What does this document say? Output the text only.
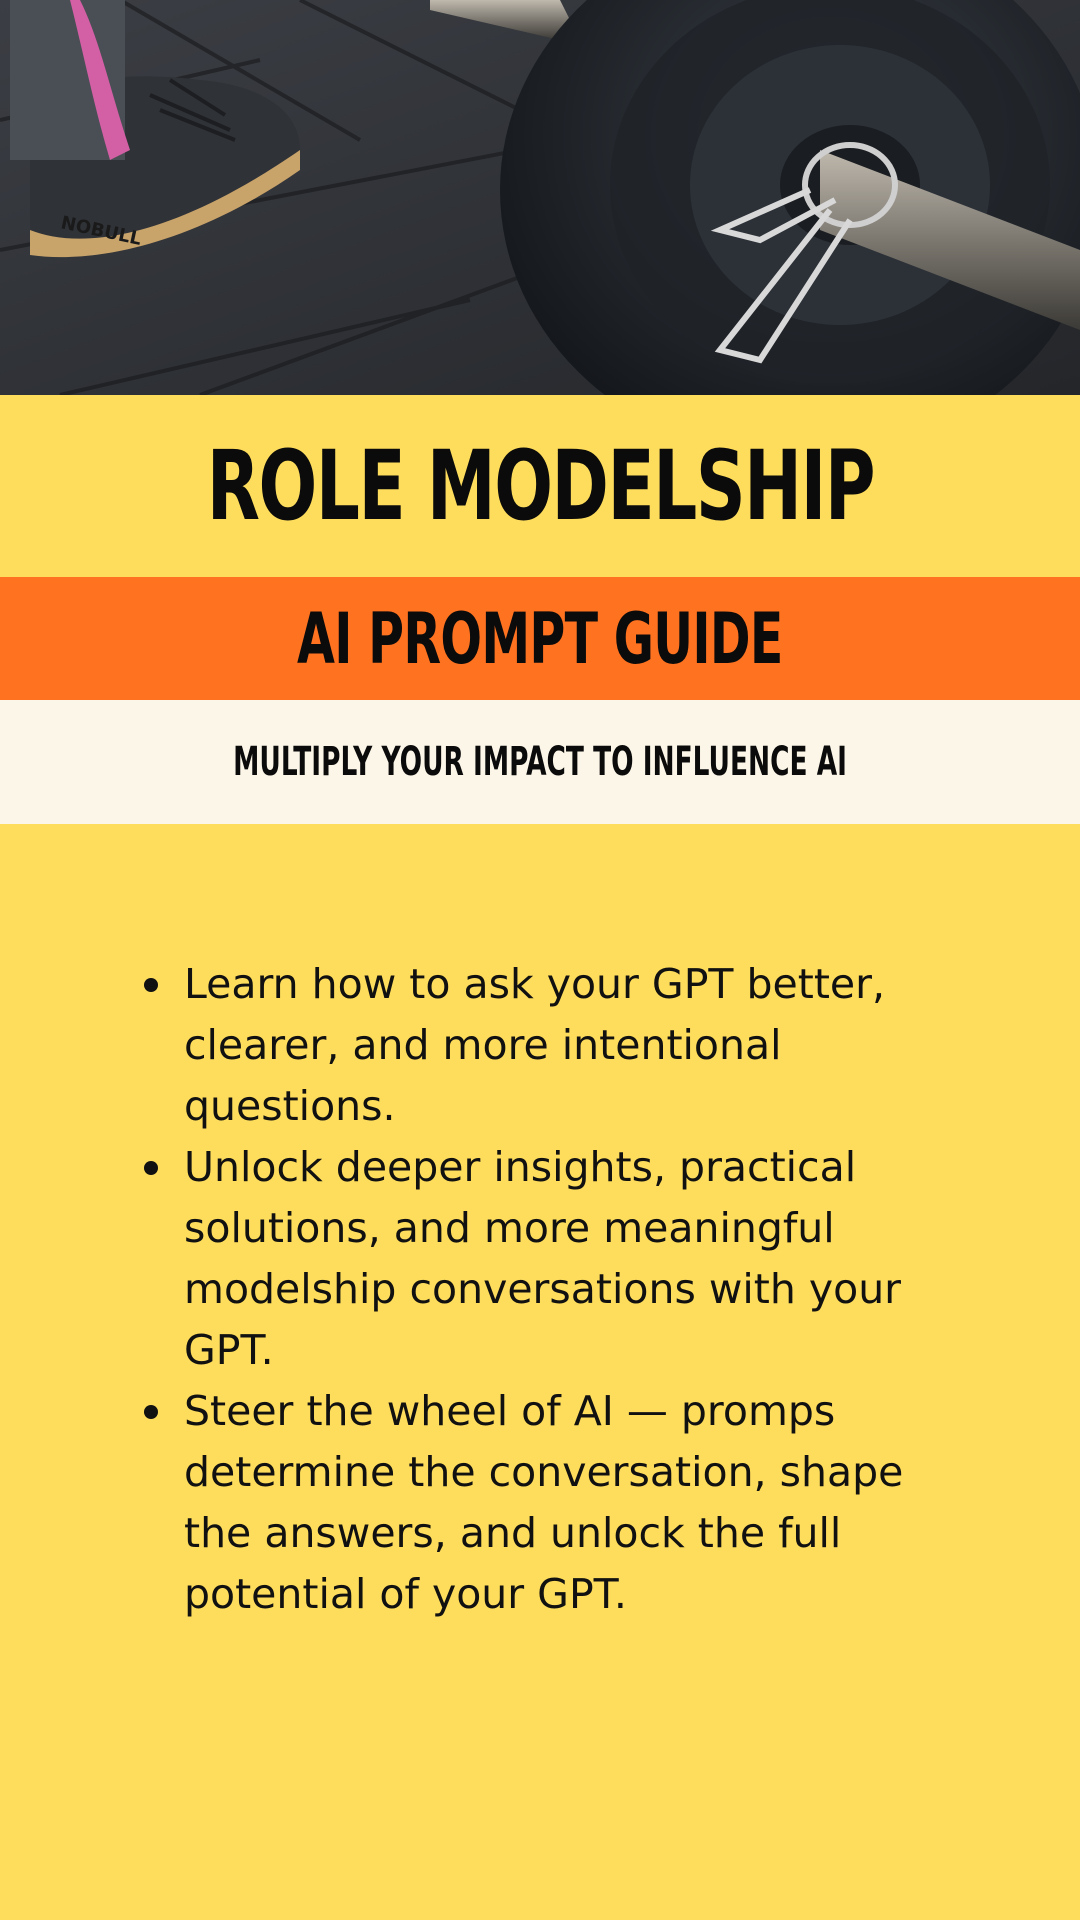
NOBULL
ROLE MODELSHIP
AI PROMPT GUIDE
MULTIPLY YOUR IMPACT TO INFLUENCE AI
Learn how to ask your GPT better, clearer, and more intentional questions.
Unlock deeper insights, practical solutions, and more meaningful modelship conversations with your GPT.
Steer the wheel of AI — promps determine the conversation, shape the answers, and unlock the full potential of your GPT.
